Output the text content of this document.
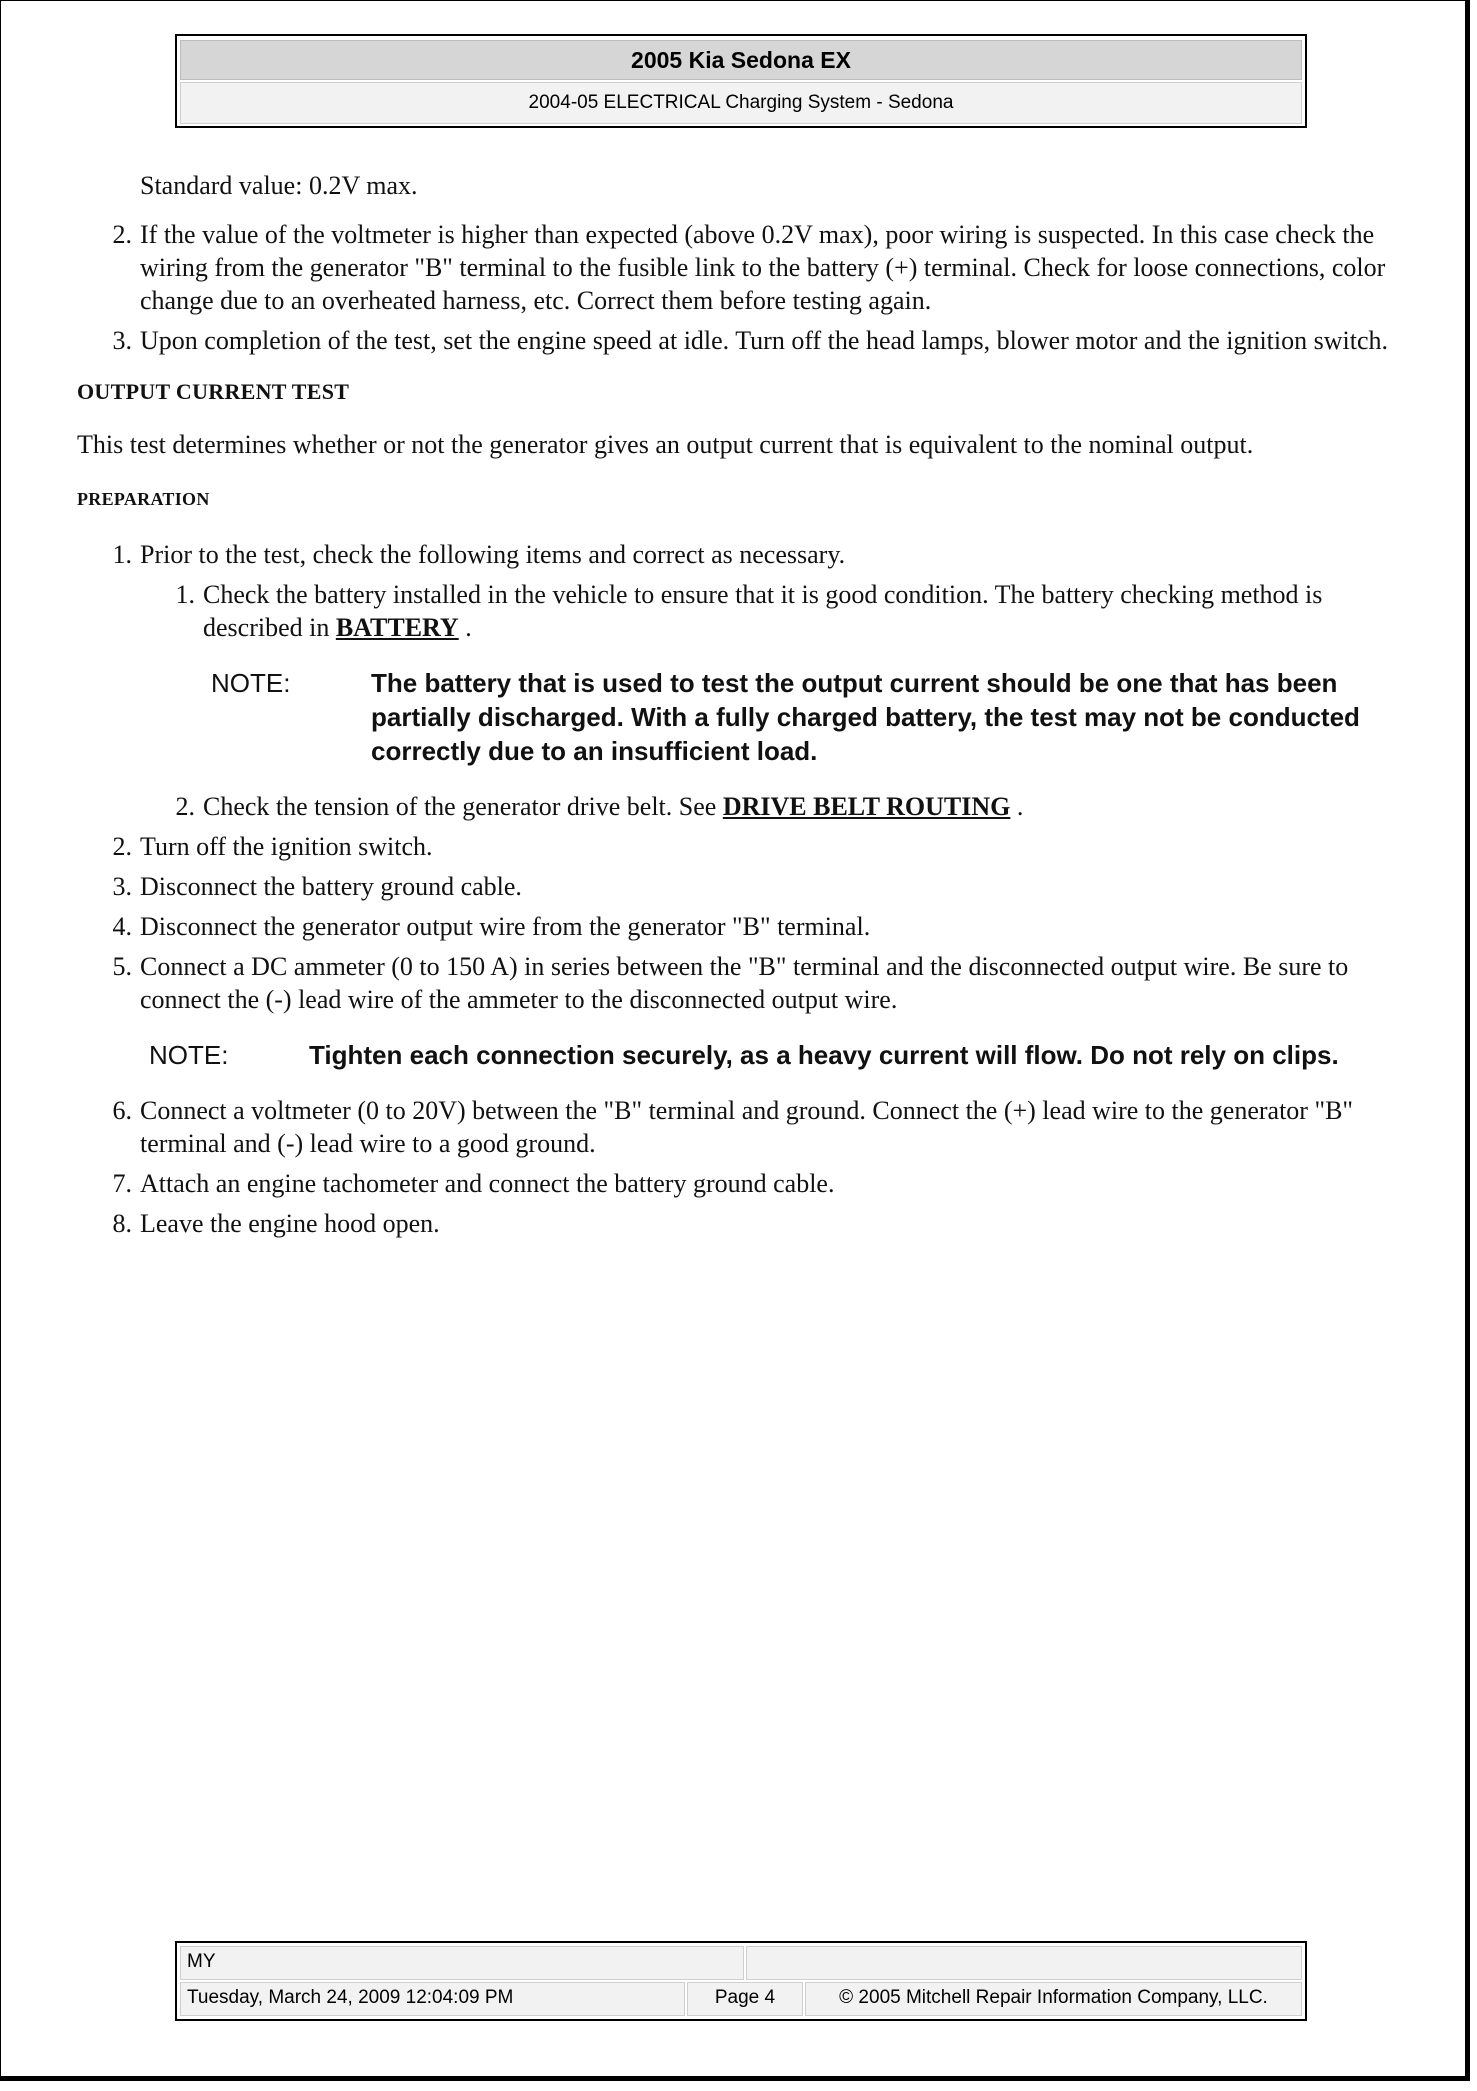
2005 Kia Sedona EX
2004-05 ELECTRICAL Charging System - Sedona

Standard value: 0.2V max.

2. If the value of the voltmeter is higher than expected (above 0.2V max), poor wiring is suspected. In this case check the wiring from the generator "B" terminal to the fusible link to the battery (+) terminal. Check for loose connections, color change due to an overheated harness, etc. Correct them before testing again.
3. Upon completion of the test, set the engine speed at idle. Turn off the head lamps, blower motor and the ignition switch.
OUTPUT CURRENT TEST

This test determines whether or not the generator gives an output current that is equivalent to the nominal output.

PREPARATION
1. Prior to the test, check the following items and correct as necessary.
1. Check the battery installed in the vehicle to ensure that it is good condition. The battery checking method is described in BATTERY .
NOTE:	The battery that is used to test the output current should be one that has been partially discharged. With a fully charged battery, the test may not be conducted correctly due to an insufficient load.
2. Check the tension of the generator drive belt. See DRIVE BELT ROUTING .
2. Turn off the ignition switch.
3. Disconnect the battery ground cable.
4. Disconnect the generator output wire from the generator "B" terminal.
5. Connect a DC ammeter (0 to 150 A) in series between the "B" terminal and the disconnected output wire. Be sure to connect the (-) lead wire of the ammeter to the disconnected output wire.
NOTE:	Tighten each connection securely, as a heavy current will flow. Do not rely on clips.
6. Connect a voltmeter (0 to 20V) between the "B" terminal and ground. Connect the (+) lead wire to the generator "B" terminal and (-) lead wire to a good ground.
7. Attach an engine tachometer and connect the battery ground cable.
8. Leave the engine hood open.
MY
Tuesday, March 24, 2009 12:04:09 PM	Page 4	© 2005 Mitchell Repair Information Company, LLC.
